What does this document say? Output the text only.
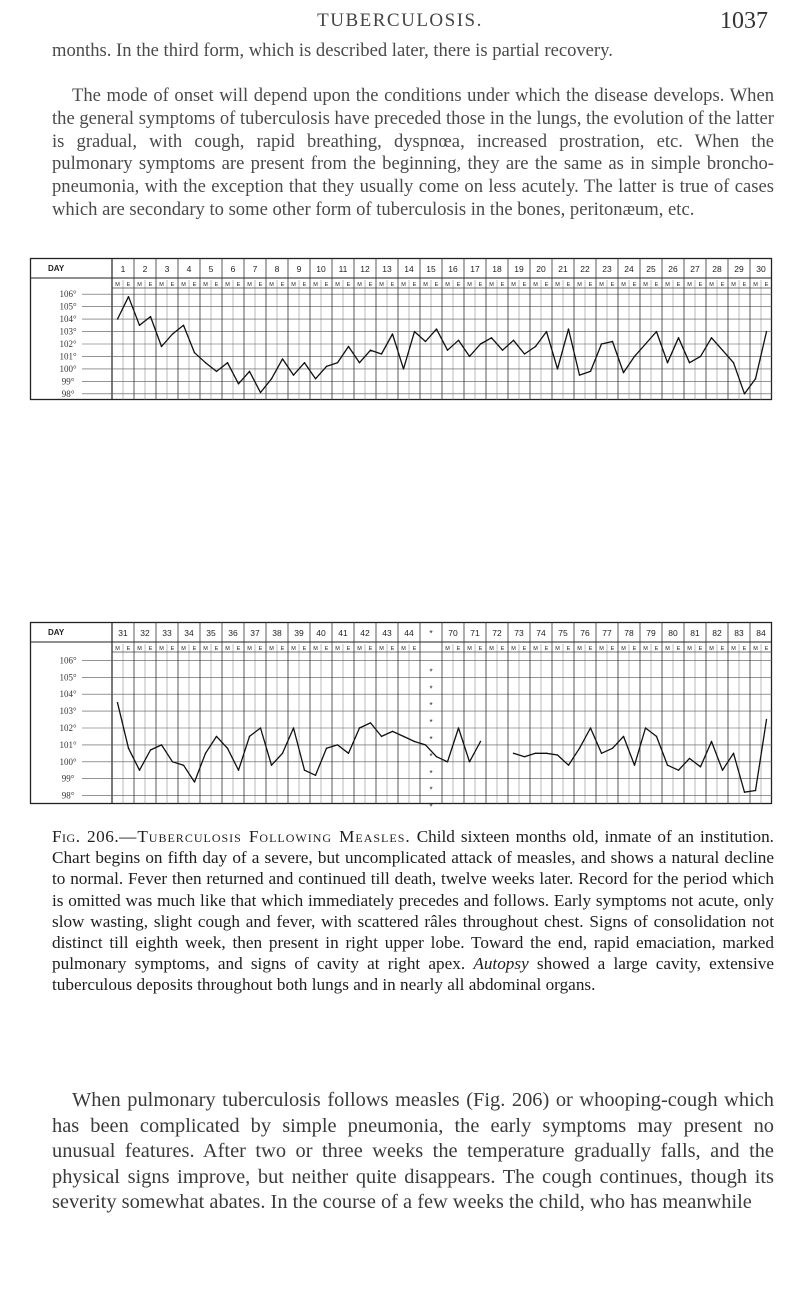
TUBERCULOSIS.	1037

months. In the third form, which is described later, there is partial recovery.

The mode of onset will depend upon the conditions under which the disease develops. When the general symptoms of tuberculosis have preceded those in the lungs, the evolution of the latter is gradual, with cough, rapid breathing, dyspnœa, increased prostration, etc. When the pulmonary symptoms are present from the beginning, they are the same as in simple broncho-pneumonia, with the exception that they usually come on less acutely. The latter is true of cases which are secondary to some other form of tuberculosis in the bones, peritonæum, etc.

DAY
106°
105°
104°
103°
102°
101°
100°
99°
98°
1
M E
2
M E
3
M E
4
M E
5
M E
6
M E
7
M E
8
M E
9
M E
10
M E
11
M E
12
M E
13
M E
14
M E
15
M E
16
M E
17
M E
18
M E
19
M E
20
M E
21
M E
22
M E
23
M E
24
M E
25
M E
26
M E
27
M E
28
M E
29
M E
30
M E
DAY
106°
105°
104°
103°
102°
101°
100°
99°
98°
31
M E
32
M E
33
M E
34
M E
35
M E
36
M E
37
M E
38
M E
39
M E
40
M E
41
M E
42
M E
43
M E
44
M E
*
*
*
*
*
*
*
*
*
*
70
M E
71
M E
72
M E
73
M E
74
M E
75
M E
76
M E
77
M E
78
M E
79
M E
80
M E
81
M E
82
M E
83
M E
84
M E

Fig. 206.—Tuberculosis Following Measles. Child sixteen months old, inmate of an institution. Chart begins on fifth day of a severe, but uncomplicated attack of measles, and shows a natural decline to normal. Fever then returned and continued till death, twelve weeks later. Record for the period which is omitted was much like that which immediately precedes and follows. Early symptoms not acute, only slow wasting, slight cough and fever, with scattered râles throughout chest. Signs of consolidation not distinct till eighth week, then present in right upper lobe. Toward the end, rapid emaciation, marked pulmonary symptoms, and signs of cavity at right apex. Autopsy showed a large cavity, extensive tuberculous deposits throughout both lungs and in nearly all abdominal organs.

When pulmonary tuberculosis follows measles (Fig. 206) or whooping-cough which has been complicated by simple pneumonia, the early symptoms may present no unusual features. After two or three weeks the temperature gradually falls, and the physical signs improve, but neither quite disappears. The cough continues, though its severity somewhat abates. In the course of a few weeks the child, who has meanwhile
